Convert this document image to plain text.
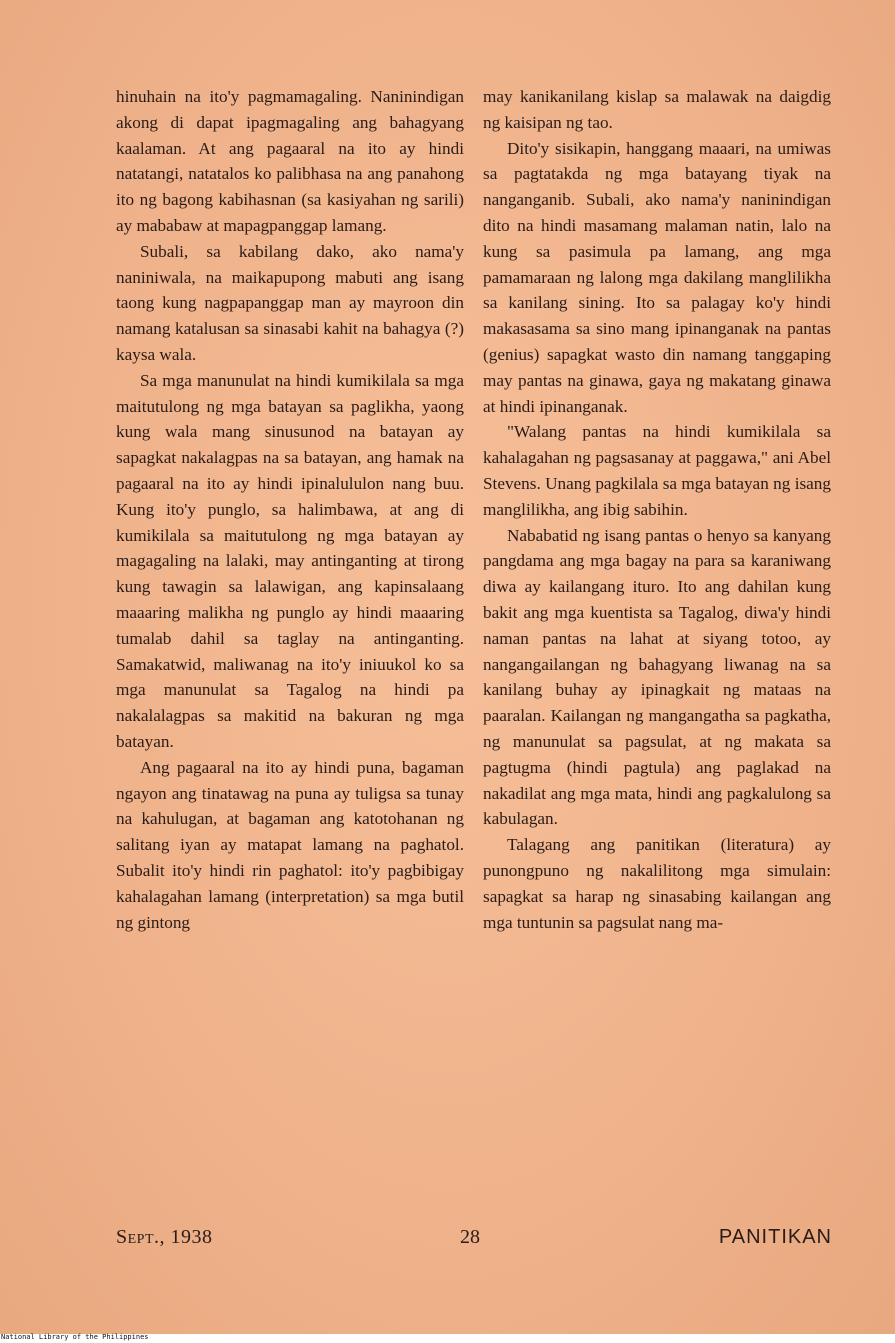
hinuhain na ito'y pagmamagaling. Naninindigan akong di dapat ipagmagaling ang bahagyang kaalaman. At ang pagaaral na ito ay hindi natatangi, natatalos ko palibhasa na ang panahong ito ng bagong kabihasnan (sa kasiyahan ng sarili) ay mababaw at mapagpanggap lamang.

Subali, sa kabilang dako, ako nama'y naniniwala, na maikapupong mabuti ang isang taong kung nagpapanggap man ay mayroon din namang katalusan sa sinasabi kahit na bahagya (?) kaysa wala.

Sa mga manunulat na hindi kumikilala sa mga maitutulong ng mga batayan sa paglikha, yaong kung wala mang sinusunod na batayan ay sapagkat nakalagpas na sa batayan, ang hamak na pagaaral na ito ay hindi ipinalululon nang buu. Kung ito'y punglo, sa halimbawa, at ang di kumikilala sa maitutulong ng mga batayan ay magagaling na lalaki, may antinganting at tirong kung tawagin sa lalawigan, ang kapinsalaang maaaring malikha ng punglo ay hindi maaaring tumalab dahil sa taglay na antinganting. Samakatwid, maliwanag na ito'y iniuukol ko sa mga manunulat sa Tagalog na hindi pa nakalalagpas sa makitid na bakuran ng mga batayan.

Ang pagaaral na ito ay hindi puna, bagaman ngayon ang tinatawag na puna ay tuligsa sa tunay na kahulugan, at bagaman ang katotohanan ng salitang iyan ay matapat lamang na paghatol. Subalit ito'y hindi rin paghatol: ito'y pagbibigay kahalagahan lamang (interpretation) sa mga butil ng gintong

may kanikanilang kislap sa malawak na daigdig ng kaisipan ng tao.

Dito'y sisikapin, hanggang maaari, na umiwas sa pagtatakda ng mga batayang tiyak na nanganganib. Subali, ako nama'y naninindigan dito na hindi masamang malaman natin, lalo na kung sa pasimula pa lamang, ang mga pamamaraan ng lalong mga dakilang manglilikha sa kanilang sining. Ito sa palagay ko'y hindi makasasama sa sino mang ipinanganak na pantas (genius) sapagkat wasto din namang tanggaping may pantas na ginawa, gaya ng makatang ginawa at hindi ipinanganak.

"Walang pantas na hindi kumikilala sa kahalagahan ng pagsasanay at paggawa," ani Abel Stevens. Unang pagkilala sa mga batayan ng isang manglilikha, ang ibig sabihin.

Nababatid ng isang pantas o henyo sa kanyang pangdama ang mga bagay na para sa karaniwang diwa ay kailangang ituro. Ito ang dahilan kung bakit ang mga kuentista sa Tagalog, diwa'y hindi naman pantas na lahat at siyang totoo, ay nangangailangan ng bahagyang liwanag na sa kanilang buhay ay ipinagkait ng mataas na paaralan. Kailangan ng mangangatha sa pagkatha, ng manunulat sa pagsulat, at ng makata sa pagtugma (hindi pagtula) ang paglakad na nakadilat ang mga mata, hindi ang pagkalulong sa kabulagan.

Talagang ang panitikan (literatura) ay punongpuno ng nakalilitong mga simulain: sapagkat sa harap ng sinasabing kailangan ang mga tuntunin sa pagsulat nang ma-

Sept., 1938	28	PANITIKAN
National Library of the Philippines
